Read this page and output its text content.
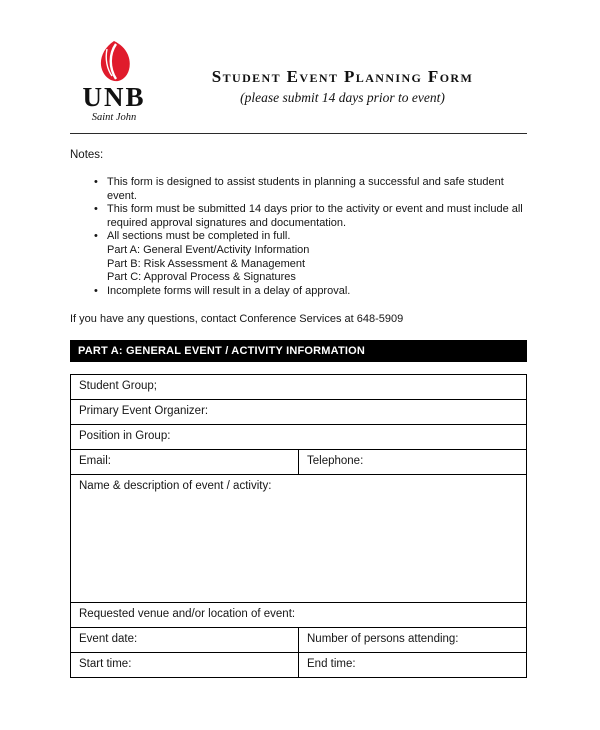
UNB
Saint John
Student Event Planning Form
(please submit 14 days prior to event)
Notes:
• This form is designed to assist students in planning a successful and safe student event.
• This form must be submitted 14 days prior to the activity or event and must include all required approval signatures and documentation.
• All sections must be completed in full.
Part A: General Event/Activity Information
Part B: Risk Assessment & Management
Part C: Approval Process & Signatures
• Incomplete forms will result in a delay of approval.
If you have any questions, contact Conference Services at 648-5909
PART A: GENERAL EVENT / ACTIVITY INFORMATION
Student Group;	
Primary Event Organizer:	
Position in Group:	
Email:	Telephone:
Name & description of event / activity:	
Requested venue and/or location of event:	
Event date:	Number of persons attending:
Start time:	End time:
